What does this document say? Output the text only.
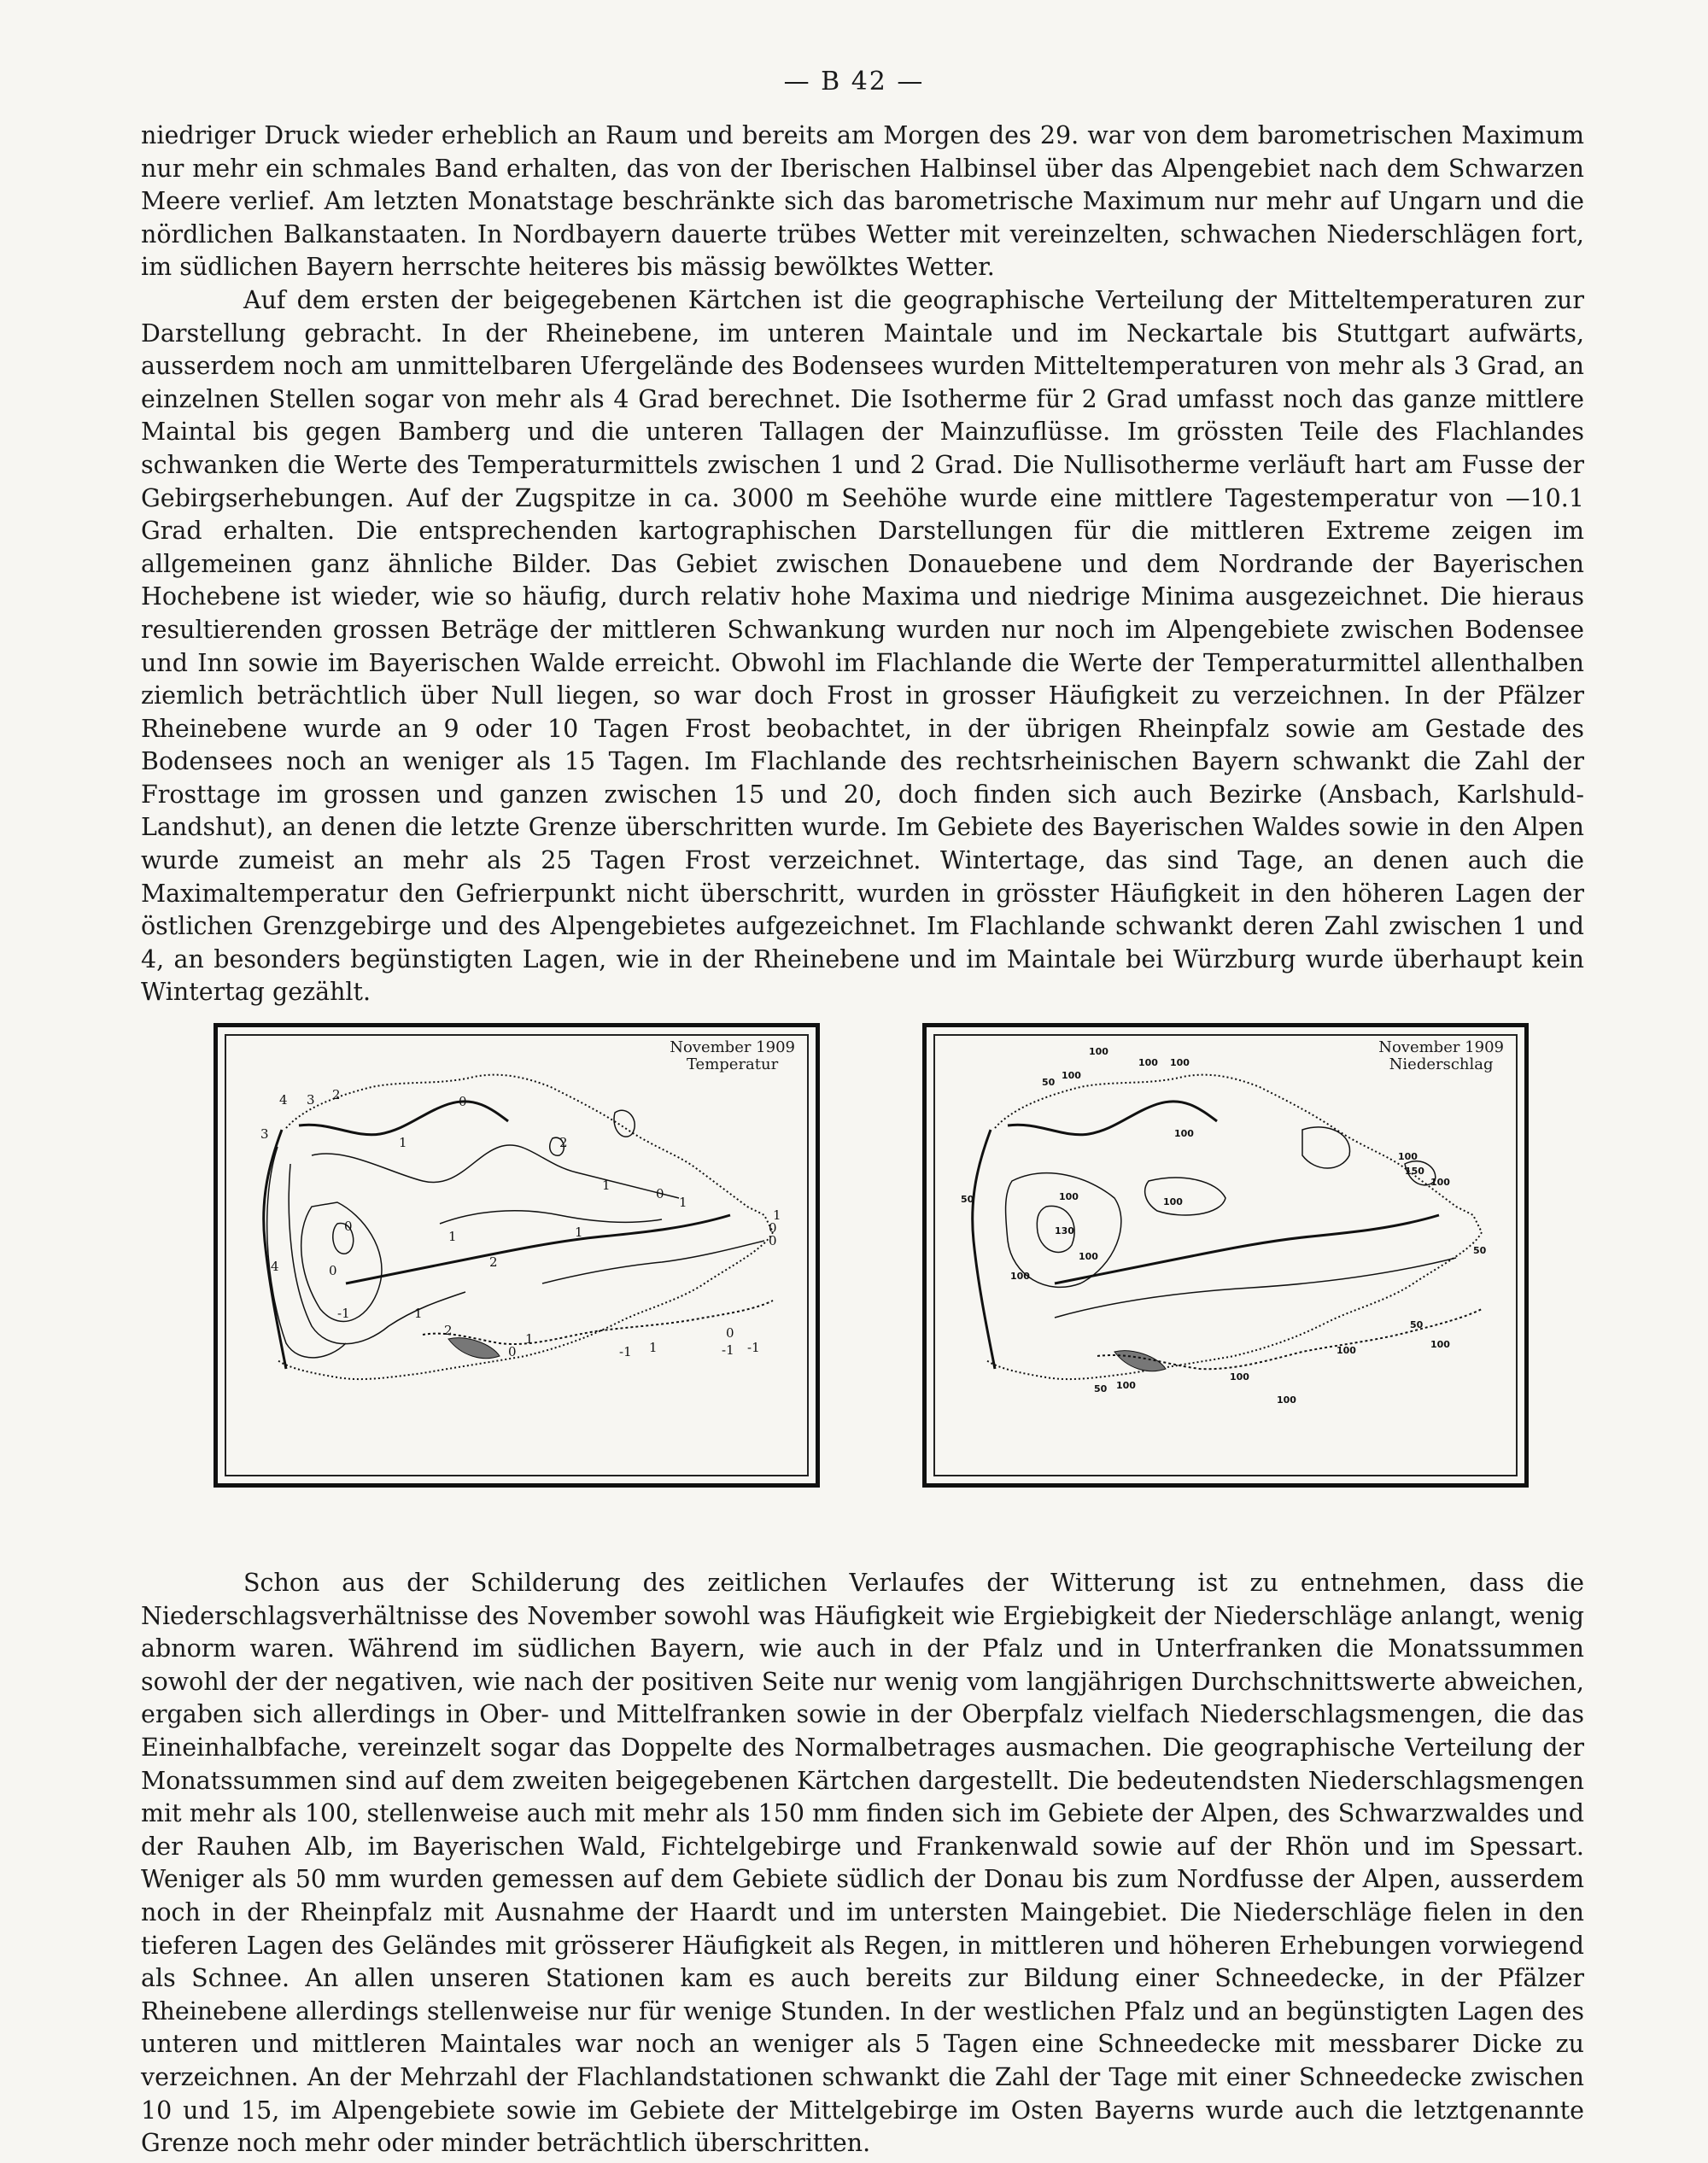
— B 42 —

niedriger Druck wieder erheblich an Raum und bereits am Morgen des 29. war von dem barometrischen Maximum nur mehr ein schmales Band erhalten, das von der Iberischen Halbinsel über das Alpengebiet nach dem Schwarzen Meere verlief. Am letzten Monatstage beschränkte sich das barometrische Maximum nur mehr auf Ungarn und die nördlichen Balkanstaaten. In Nordbayern dauerte trübes Wetter mit vereinzelten, schwachen Niederschlägen fort, im südlichen Bayern herrschte heiteres bis mässig bewölktes Wetter.

Auf dem ersten der beigegebenen Kärtchen ist die geographische Verteilung der Mitteltemperaturen zur Darstellung gebracht. In der Rheinebene, im unteren Maintale und im Neckartale bis Stuttgart aufwärts, ausserdem noch am unmittelbaren Ufergelände des Bodensees wurden Mitteltemperaturen von mehr als 3 Grad, an einzelnen Stellen sogar von mehr als 4 Grad berechnet. Die Isotherme für 2 Grad umfasst noch das ganze mittlere Maintal bis gegen Bamberg und die unteren Tallagen der Mainzuflüsse. Im grössten Teile des Flachlandes schwanken die Werte des Temperaturmittels zwischen 1 und 2 Grad. Die Nullisotherme verläuft hart am Fusse der Gebirgserhebungen. Auf der Zugspitze in ca. 3000 m Seehöhe wurde eine mittlere Tagestemperatur von —10.1 Grad erhalten. Die entsprechenden kartographischen Darstellungen für die mittleren Extreme zeigen im allgemeinen ganz ähnliche Bilder. Das Gebiet zwischen Donauebene und dem Nordrande der Bayerischen Hochebene ist wieder, wie so häufig, durch relativ hohe Maxima und niedrige Minima ausgezeichnet. Die hieraus resultierenden grossen Beträge der mittleren Schwankung wurden nur noch im Alpengebiete zwischen Bodensee und Inn sowie im Bayerischen Walde erreicht. Obwohl im Flachlande die Werte der Temperaturmittel allenthalben ziemlich beträchtlich über Null liegen, so war doch Frost in grosser Häufigkeit zu verzeichnen. In der Pfälzer Rheinebene wurde an 9 oder 10 Tagen Frost beobachtet, in der übrigen Rheinpfalz sowie am Gestade des Bodensees noch an weniger als 15 Tagen. Im Flachlande des rechtsrheinischen Bayern schwankt die Zahl der Frosttage im grossen und ganzen zwischen 15 und 20, doch finden sich auch Bezirke (Ansbach, Karlshuld-Landshut), an denen die letzte Grenze überschritten wurde. Im Gebiete des Bayerischen Waldes sowie in den Alpen wurde zumeist an mehr als 25 Tagen Frost verzeichnet. Wintertage, das sind Tage, an denen auch die Maximaltemperatur den Gefrierpunkt nicht überschritt, wurden in grösster Häufigkeit in den höheren Lagen der östlichen Grenzgebirge und des Alpengebietes aufgezeichnet. Im Flachlande schwankt deren Zahl zwischen 1 und 4, an besonders begünstigten Lagen, wie in der Rheinebene und im Maintale bei Würzburg wurde überhaupt kein Wintertag gezählt.

4 3 2
1
0
0
2
1
3
0
1
0
2
1	1	0
1
2
1
0
1	-1
0	-1
-1
1
0
4
-1
November 1909
Temperatur
100
100 100
50
100
100
100
150
100
50	100	100
130
100
100
50
50
100
100
50 100
100
100
November 1909
Niederschlag

Schon aus der Schilderung des zeitlichen Verlaufes der Witterung ist zu entnehmen, dass die Niederschlagsverhältnisse des November sowohl was Häufigkeit wie Ergiebigkeit der Niederschläge anlangt, wenig abnorm waren. Während im südlichen Bayern, wie auch in der Pfalz und in Unterfranken die Monatssummen sowohl der der negativen, wie nach der positiven Seite nur wenig vom langjährigen Durchschnittswerte abweichen, ergaben sich allerdings in Ober- und Mittelfranken sowie in der Oberpfalz vielfach Niederschlagsmengen, die das Eineinhalbfache, vereinzelt sogar das Doppelte des Normalbetrages ausmachen. Die geographische Verteilung der Monatssummen sind auf dem zweiten beigegebenen Kärtchen dargestellt. Die bedeutendsten Niederschlagsmengen mit mehr als 100, stellenweise auch mit mehr als 150 mm finden sich im Gebiete der Alpen, des Schwarzwaldes und der Rauhen Alb, im Bayerischen Wald, Fichtelgebirge und Frankenwald sowie auf der Rhön und im Spessart. Weniger als 50 mm wurden gemessen auf dem Gebiete südlich der Donau bis zum Nordfusse der Alpen, ausserdem noch in der Rheinpfalz mit Ausnahme der Haardt und im untersten Maingebiet. Die Niederschläge fielen in den tieferen Lagen des Geländes mit grösserer Häufigkeit als Regen, in mittleren und höheren Erhebungen vorwiegend als Schnee. An allen unseren Stationen kam es auch bereits zur Bildung einer Schneedecke, in der Pfälzer Rheinebene allerdings stellenweise nur für wenige Stunden. In der westlichen Pfalz und an begünstigten Lagen des unteren und mittleren Maintales war noch an weniger als 5 Tagen eine Schneedecke mit messbarer Dicke zu verzeichnen. An der Mehrzahl der Flachlandstationen schwankt die Zahl der Tage mit einer Schneedecke zwischen 10 und 15, im Alpengebiete sowie im Gebiete der Mittelgebirge im Osten Bayerns wurde auch die letztgenannte Grenze noch mehr oder minder beträchtlich überschritten.
